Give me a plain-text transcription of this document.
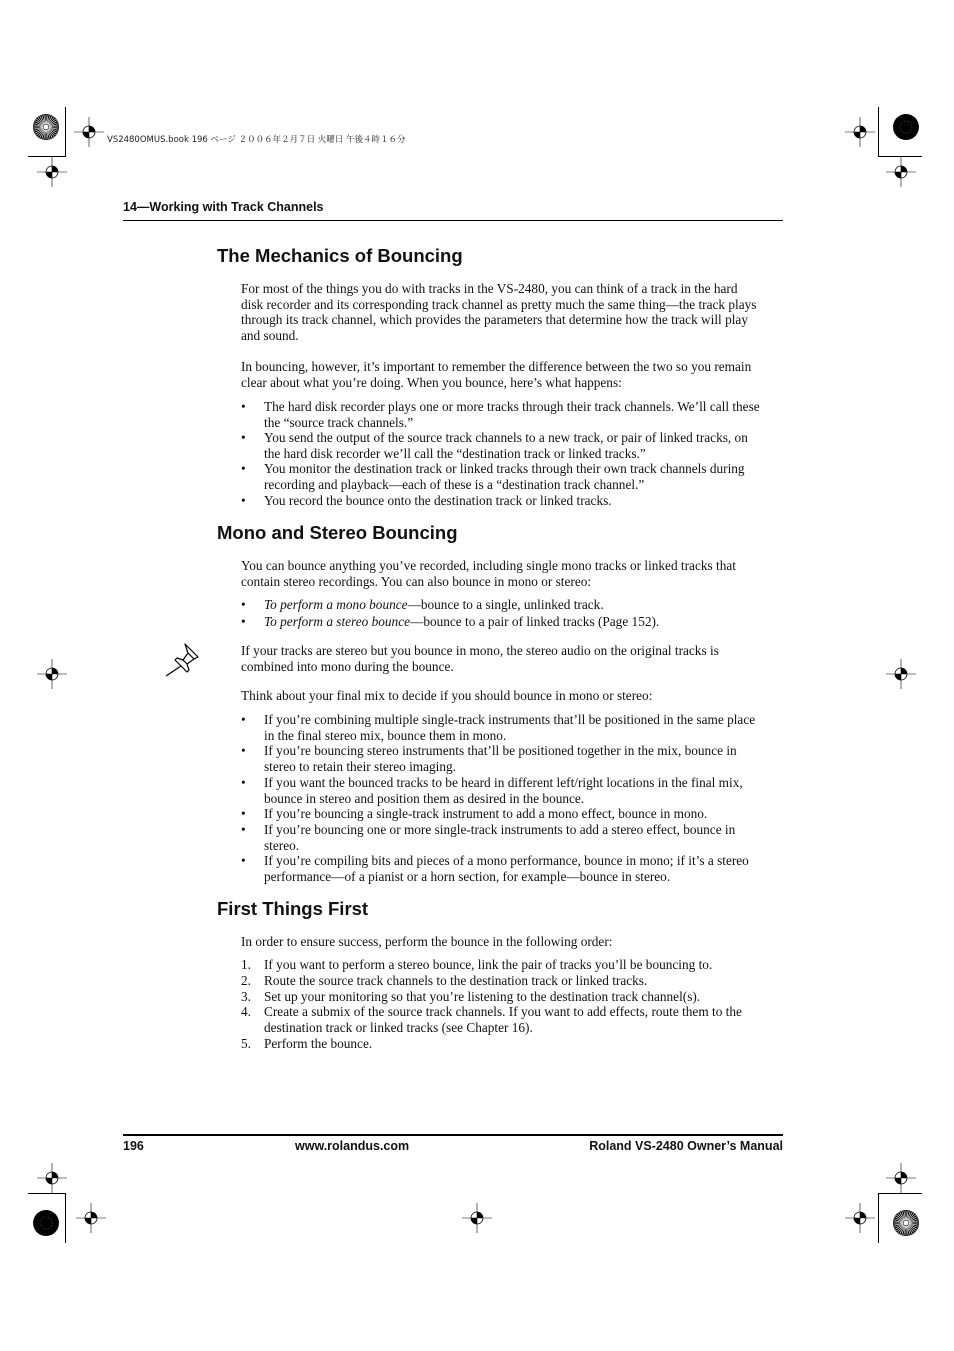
VS2480OMUS.book 196 ページ ２００６年２月７日 火曜日 午後４時１６分
14—Working with Track Channels
The Mechanics of Bouncing
For most of the things you do with tracks in the VS-2480, you can think of a track in the hard disk recorder and its corresponding track channel as pretty much the same thing—the track plays through its track channel, which provides the parameters that determine how the track will play and sound.
In bouncing, however, it’s important to remember the difference between the two so you remain clear about what you’re doing. When you bounce, here’s what happens:
• The hard disk recorder plays one or more tracks through their track channels. We’ll call these the “source track channels.”
• You send the output of the source track channels to a new track, or pair of linked tracks, on the hard disk recorder we’ll call the “destination track or linked tracks.”
• You monitor the destination track or linked tracks through their own track channels during recording and playback—each of these is a “destination track channel.”
• You record the bounce onto the destination track or linked tracks.
Mono and Stereo Bouncing
You can bounce anything you’ve recorded, including single mono tracks or linked tracks that contain stereo recordings. You can also bounce in mono or stereo:
• To perform a mono bounce—bounce to a single, unlinked track.
• To perform a stereo bounce—bounce to a pair of linked tracks (Page 152).
If your tracks are stereo but you bounce in mono, the stereo audio on the original tracks is combined into mono during the bounce.
Think about your final mix to decide if you should bounce in mono or stereo:
• If you’re combining multiple single-track instruments that’ll be positioned in the same place in the final stereo mix, bounce them in mono.
• If you’re bouncing stereo instruments that’ll be positioned together in the mix, bounce in stereo to retain their stereo imaging.
• If you want the bounced tracks to be heard in different left/right locations in the final mix, bounce in stereo and position them as desired in the bounce.
• If you’re bouncing a single-track instrument to add a mono effect, bounce in mono.
• If you’re bouncing one or more single-track instruments to add a stereo effect, bounce in stereo.
• If you’re compiling bits and pieces of a mono performance, bounce in mono; if it’s a stereo performance—of a pianist or a horn section, for example—bounce in stereo.
First Things First
In order to ensure success, perform the bounce in the following order:
1. If you want to perform a stereo bounce, link the pair of tracks you’ll be bouncing to.
2. Route the source track channels to the destination track or linked tracks.
3. Set up your monitoring so that you’re listening to the destination track channel(s).
4. Create a submix of the source track channels. If you want to add effects, route them to the destination track or linked tracks (see Chapter 16).
5. Perform the bounce.
196	www.rolandus.com	Roland VS-2480 Owner’s Manual
